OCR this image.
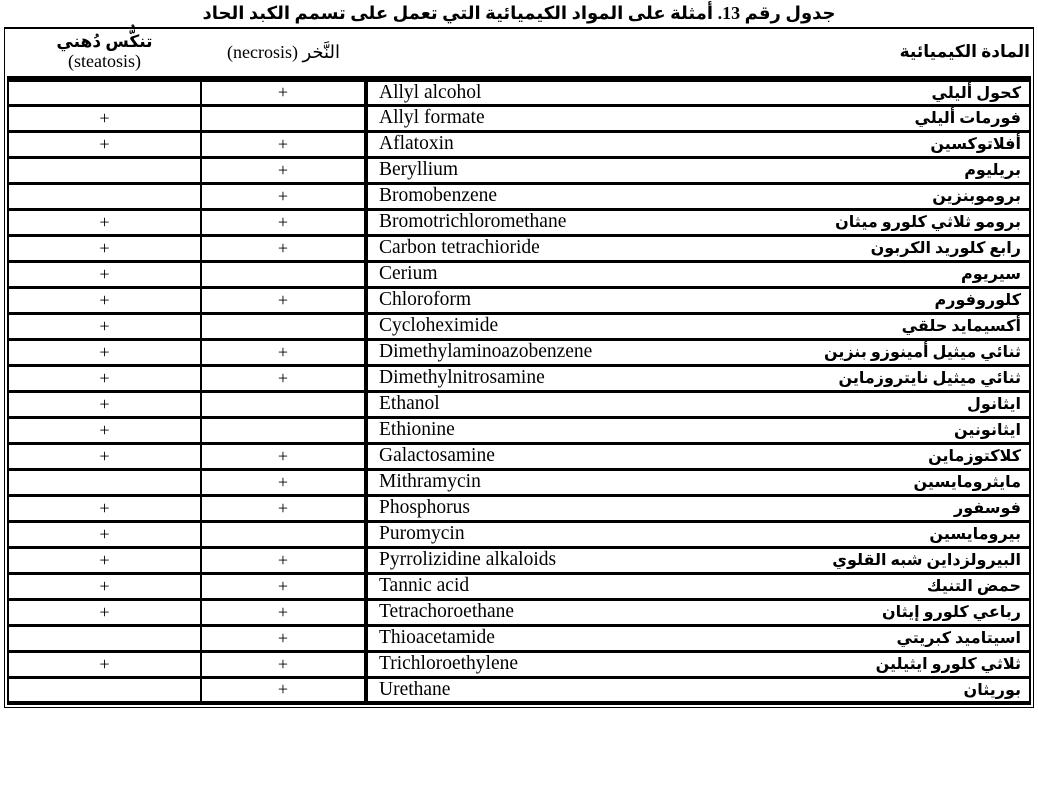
جدول رقم 13. أمثلة على المواد الكيميائية التي تعمل على تسمم الكبد الحاد
تنكُّس دُهني
(steatosis)	النَّخر (necrosis)	المادة الكيميائية
	+	Allyl alcohol كحول أليلي

+		Allyl formate فورمات أليلي

+	+	Aflatoxin أفلاتوكسين

	+	Beryllium بريليوم

	+	Bromobenzene بروموبنزين

+	+	Bromotrichloromethane برومو ثلاثي كلورو ميثان

+	+	Carbon tetrachioride رابع كلوريد الكربون

+		Cerium سيريوم

+	+	Chloroform كلوروفورم

+		Cycloheximide أكسيمايد حلقي

+	+	Dimethylaminoazobenzene ثنائي ميثيل أمينوزو بنزين

+	+	Dimethylnitrosamine ثنائي ميثيل نايتروزماين

+		Ethanol ايثانول

+		Ethionine ايثانونين

+	+	Galactosamine كلاكتوزماين

	+	Mithramycin مايثرومايسين

+	+	Phosphorus فوسفور

+		Puromycin بيرومايسين

+	+	Pyrrolizidine alkaloids البيرولزداين شبه القلوي

+	+	Tannic acid حمض التنيك

+	+	Tetrachoroethane رباعي كلورو إيثان

	+	Thioacetamide اسيتاميد كبريتي

+	+	Trichloroethylene ثلاثي كلورو ايثيلين

	+	Urethane بوريثان
